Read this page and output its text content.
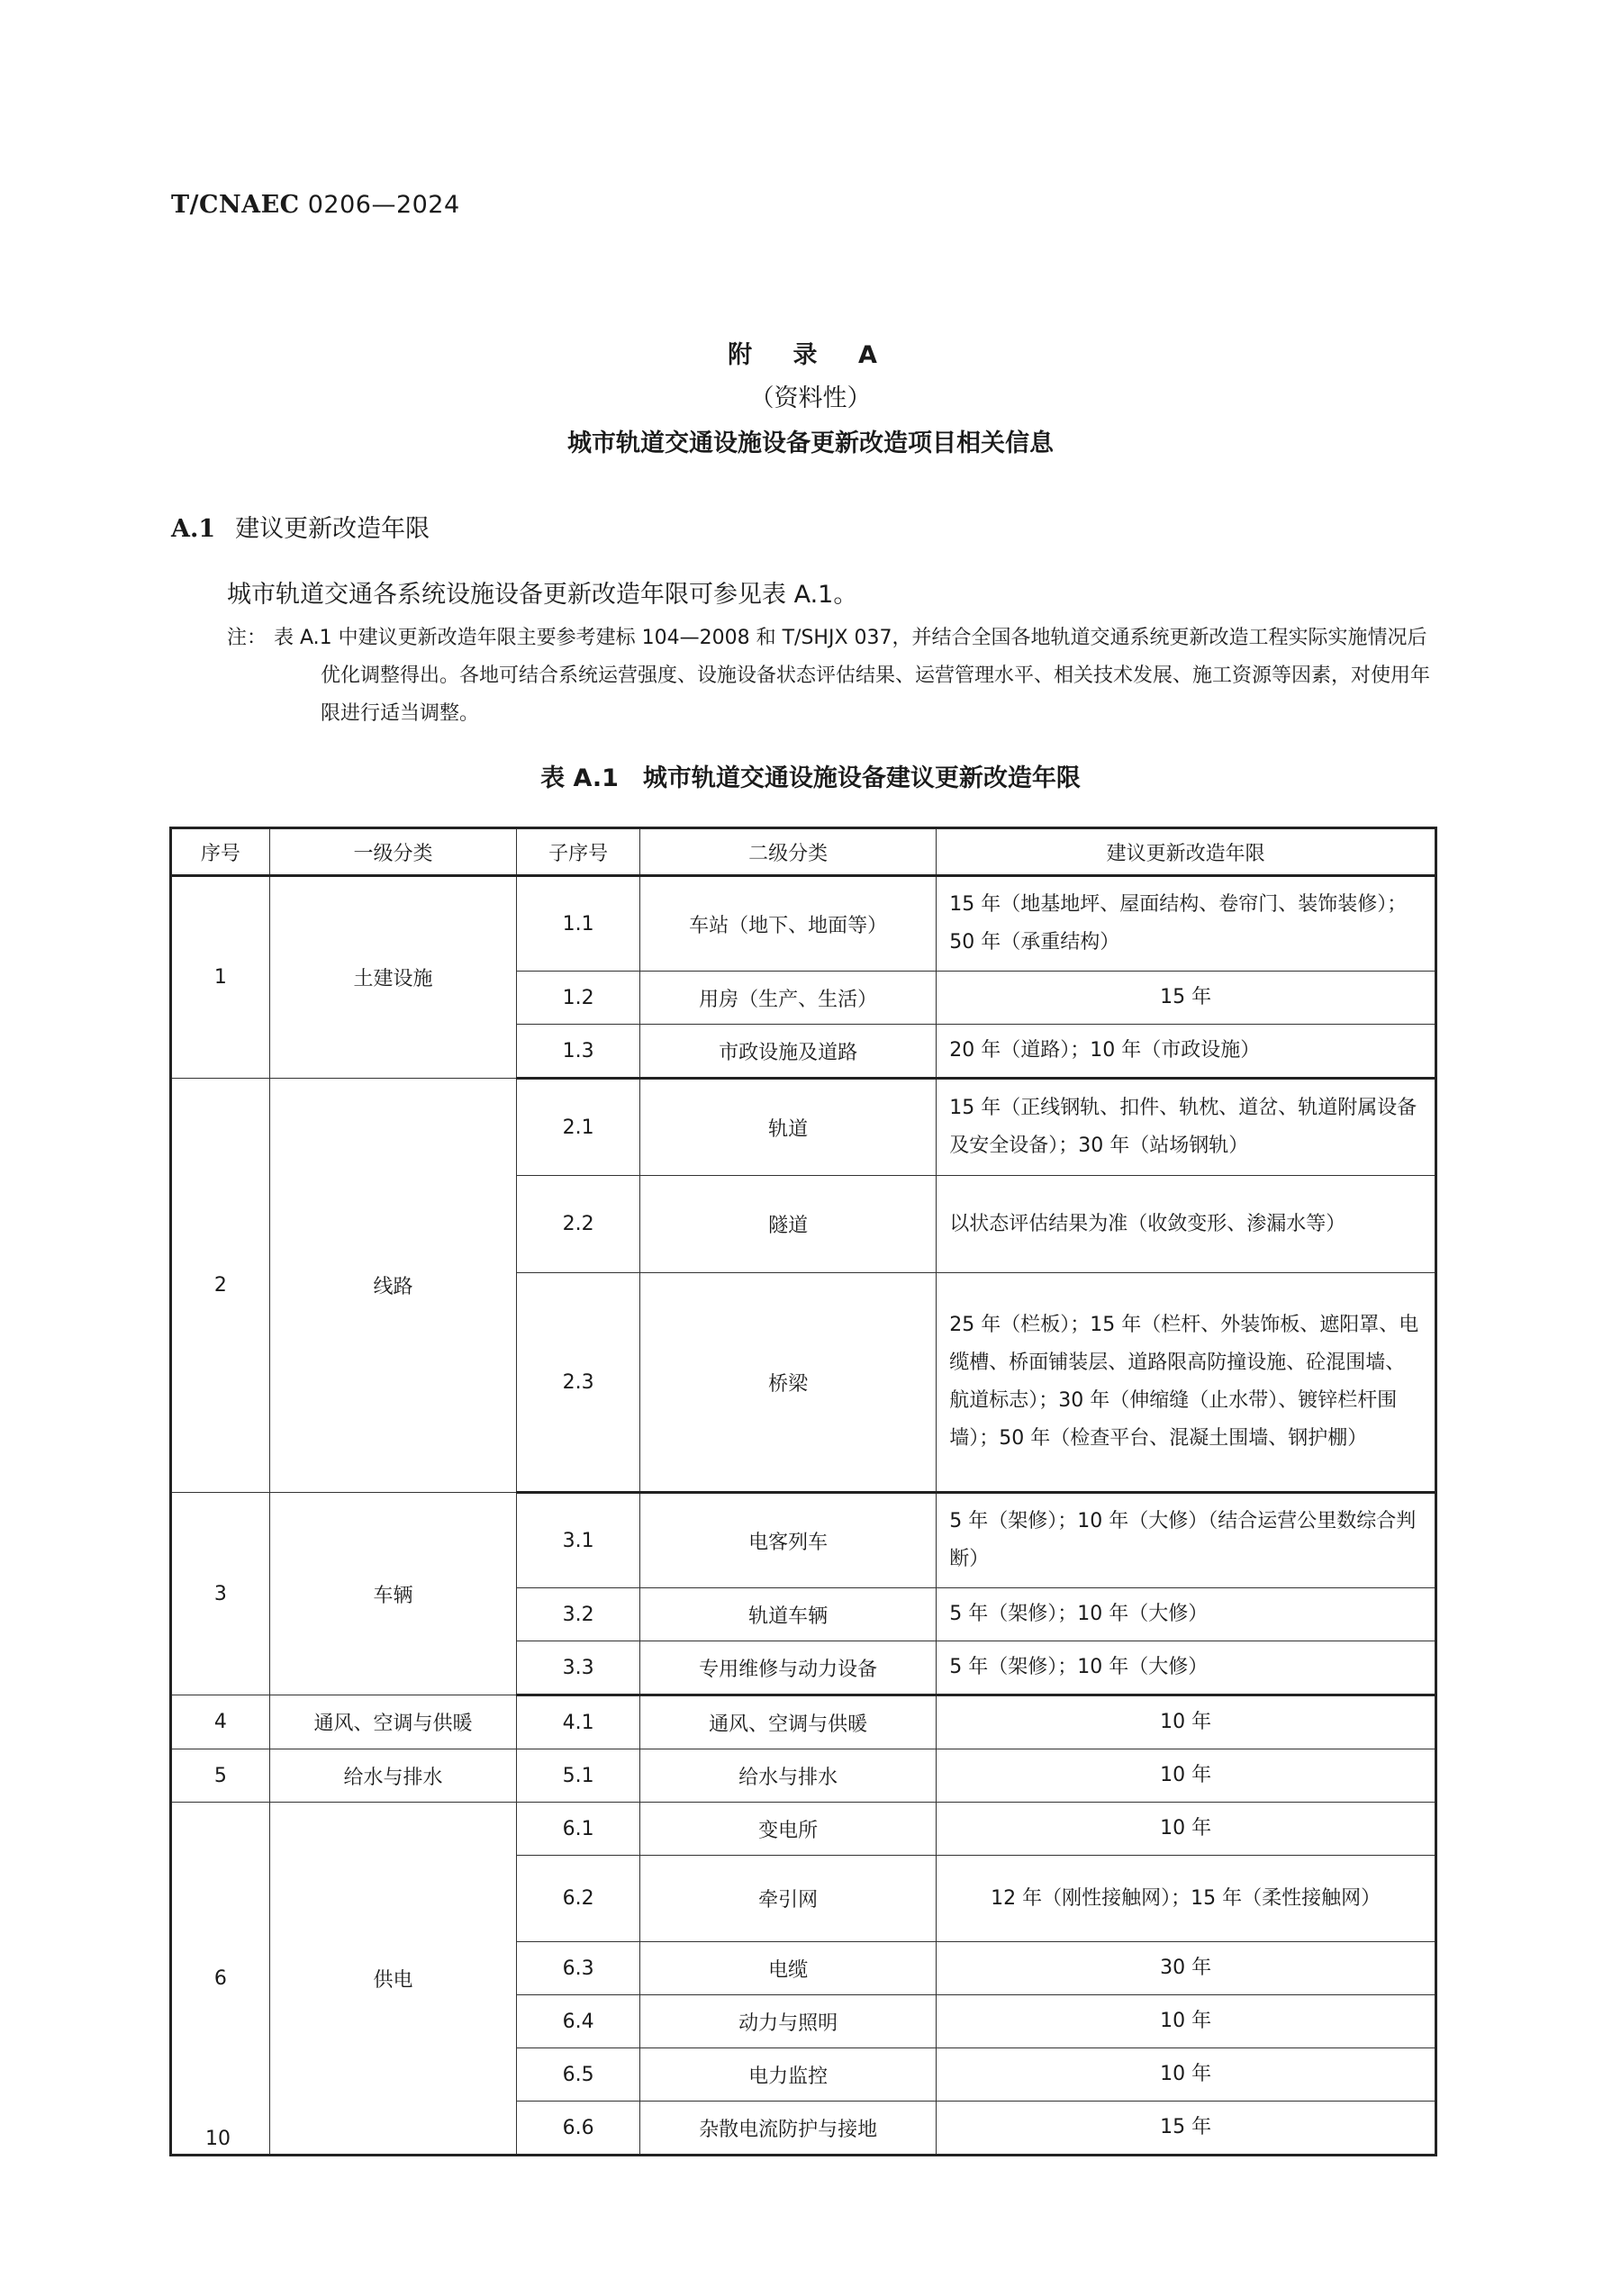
T/CNAEC 0206—2024
附 录 A
（资料性）
城市轨道交通设施设备更新改造项目相关信息
A.1 建议更新改造年限
城市轨道交通各系统设施设备更新改造年限可参见表 A.1。
注： 表 A.1 中建议更新改造年限主要参考建标 104—2008 和 T/SHJX 037，并结合全国各地轨道交通系统更新改造工程实际实施情况后优化调整得出。各地可结合系统运营强度、设施设备状态评估结果、运营管理水平、相关技术发展、施工资源等因素，对使用年限进行适当调整。
表 A.1　城市轨道交通设施设备建议更新改造年限
序号	一级分类	子序号	二级分类	建议更新改造年限
1	土建设施	1.1	车站（地下、地面等）	15 年（地基地坪、屋面结构、卷帘门、装饰装修）；50 年（承重结构）
		1.2	用房（生产、生活）	15 年
		1.3	市政设施及道路	20 年（道路）；10 年（市政设施）
2	线路	2.1	轨道	15 年（正线钢轨、扣件、轨枕、道岔、轨道附属设备及安全设备）；30 年（站场钢轨）
		2.2	隧道	以状态评估结果为准（收敛变形、渗漏水等）
		2.3	桥梁	25 年（栏板）；15 年（栏杆、外装饰板、遮阳罩、电缆槽、桥面铺装层、道路限高防撞设施、砼混围墙、航道标志）；30 年（伸缩缝（止水带）、镀锌栏杆围墙）；50 年（检查平台、混凝土围墙、钢护棚）
3	车辆	3.1	电客列车	5 年（架修）；10 年（大修）（结合运营公里数综合判断）
		3.2	轨道车辆	5 年（架修）；10 年（大修）
		3.3	专用维修与动力设备	5 年（架修）；10 年（大修）
4	通风、空调与供暖	4.1	通风、空调与供暖	10 年
5	给水与排水	5.1	给水与排水	10 年
6	供电	6.1	变电所	10 年
		6.2	牵引网	12 年（刚性接触网）；15 年（柔性接触网）
		6.3	电缆	30 年
		6.4	动力与照明	10 年
		6.5	电力监控	10 年
		6.6	杂散电流防护与接地	15 年
10
